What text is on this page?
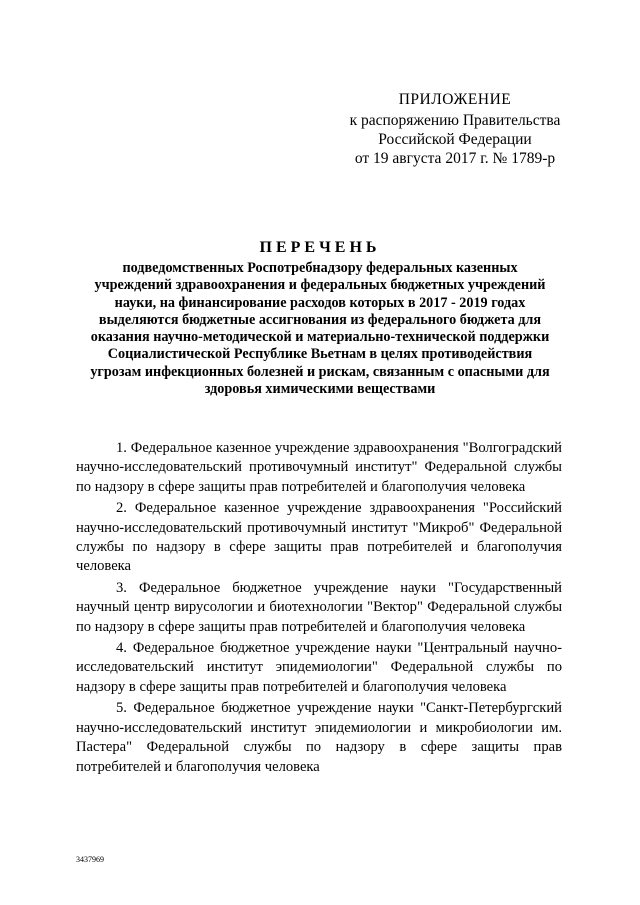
ПРИЛОЖЕНИЕ
к распоряжению Правительства
Российской Федерации
от 19 августа 2017 г. № 1789-р
ПЕРЕЧЕНЬ
подведомственных Роспотребнадзору федеральных казенных учреждений здравоохранения и федеральных бюджетных учреждений науки, на финансирование расходов которых в 2017 - 2019 годах выделяются бюджетные ассигнования из федерального бюджета для оказания научно-методической и материально-технической поддержки Социалистической Республике Вьетнам в целях противодействия угрозам инфекционных болезней и рискам, связанным с опасными для здоровья химическими веществами

1. Федеральное казенное учреждение здравоохранения "Волгоградский научно-исследовательский противочумный институт" Федеральной службы по надзору в сфере защиты прав потребителей и благополучия человека

2. Федеральное казенное учреждение здравоохранения "Российский научно-исследовательский противочумный институт "Микроб" Федеральной службы по надзору в сфере защиты прав потребителей и благополучия человека

3. Федеральное бюджетное учреждение науки "Государственный научный центр вирусологии и биотехнологии "Вектор" Федеральной службы по надзору в сфере защиты прав потребителей и благополучия человека

4. Федеральное бюджетное учреждение науки "Центральный научно-исследовательский институт эпидемиологии" Федеральной службы по надзору в сфере защиты прав потребителей и благополучия человека

5. Федеральное бюджетное учреждение науки "Санкт-Петербургский научно-исследовательский институт эпидемиологии и микробиологии им. Пастера" Федеральной службы по надзору в сфере защиты прав потребителей и благополучия человека

3437969
